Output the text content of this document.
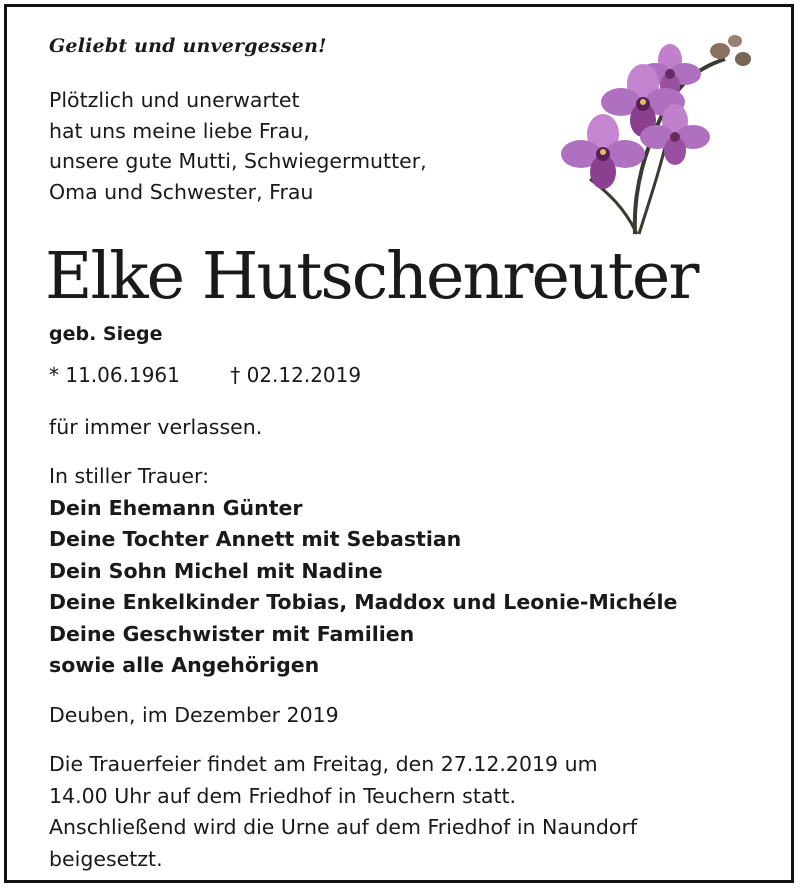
Geliebt und unvergessen!
Plötzlich und unerwartet
hat uns meine liebe Frau,
unsere gute Mutti, Schwiegermutter,
Oma und Schwester, Frau
Elke Hutschenreuter
geb. Siege
* 11.06.1961	† 02.12.2019
für immer verlassen.
In stiller Trauer:
Dein Ehemann Günter
Deine Tochter Annett mit Sebastian
Dein Sohn Michel mit Nadine
Deine Enkelkinder Tobias, Maddox und Leonie-Michéle
Deine Geschwister mit Familien
sowie alle Angehörigen
Deuben, im Dezember 2019
Die Trauerfeier findet am Freitag, den 27.12.2019 um
14.00 Uhr auf dem Friedhof in Teuchern statt.
Anschließend wird die Urne auf dem Friedhof in Naundorf
beigesetzt.
